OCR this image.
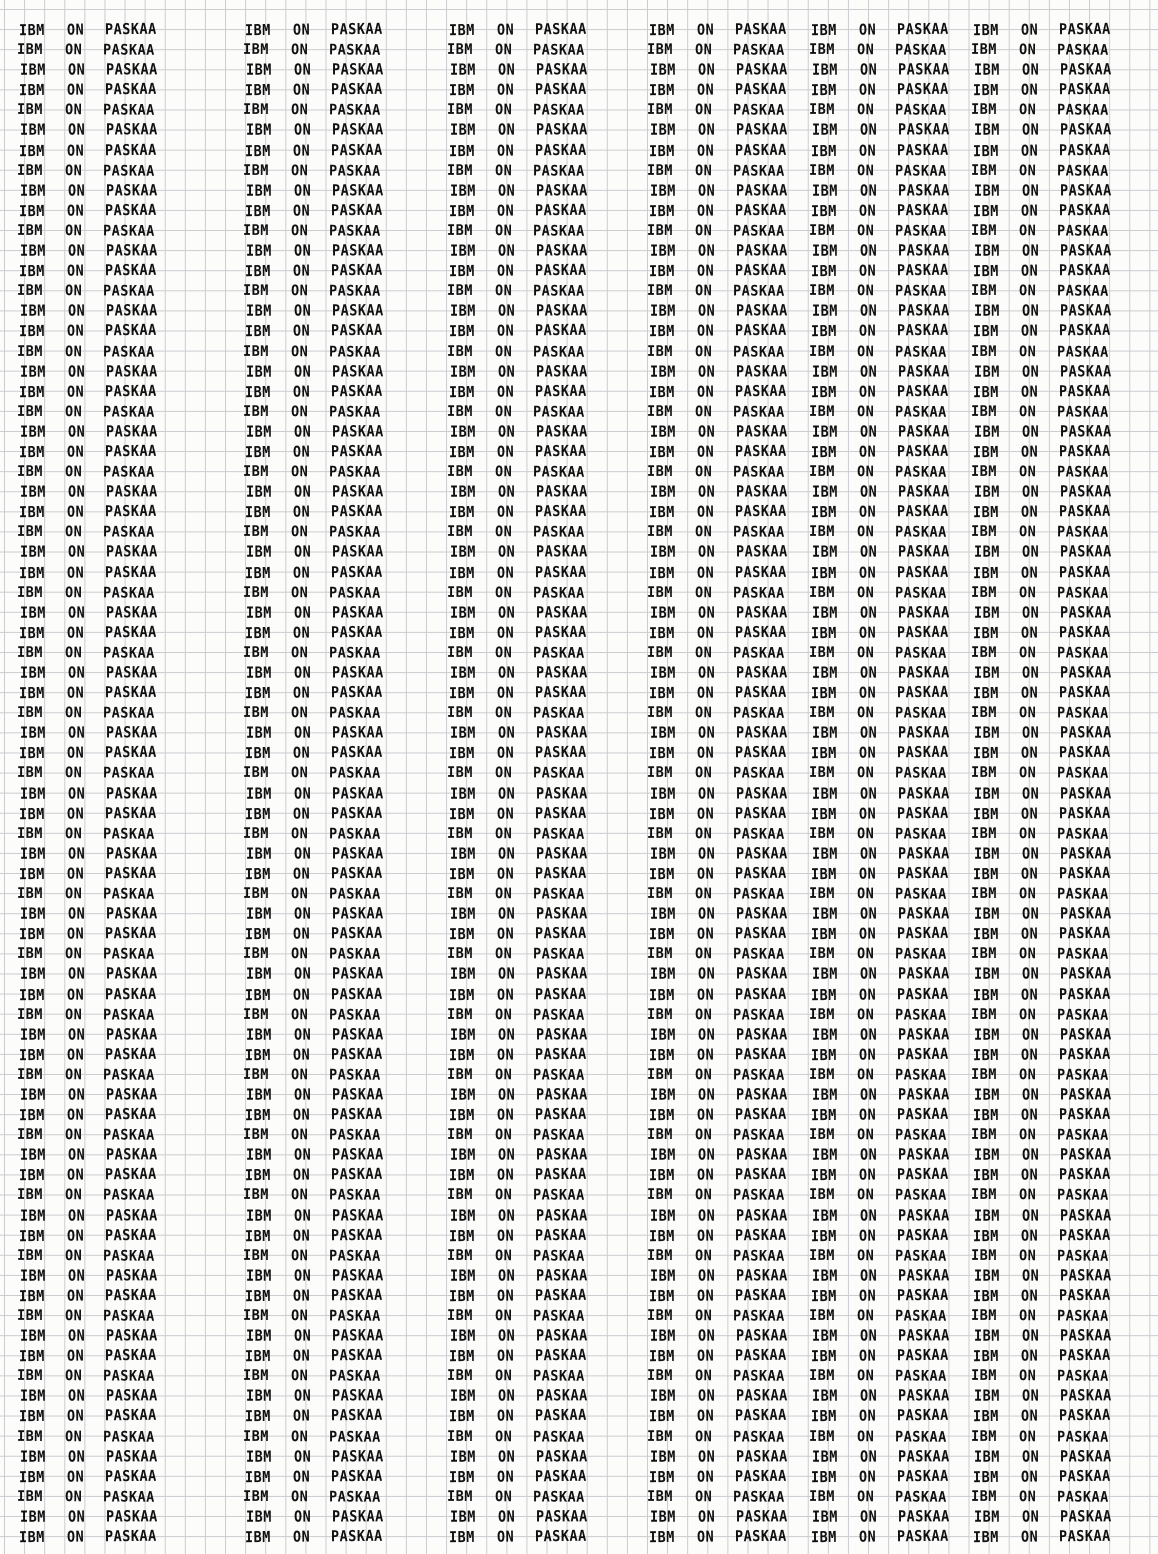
IBM ON PASKAA
IBM ON PASKAA
IBM ON PASKAA
IBM ON PASKAA
IBM ON PASKAA
IBM ON PASKAA
IBM ON PASKAA
IBM ON PASKAA
IBM ON PASKAA
IBM ON PASKAA
IBM ON PASKAA
IBM ON PASKAA
IBM ON PASKAA
IBM ON PASKAA
IBM ON PASKAA
IBM ON PASKAA
IBM ON PASKAA
IBM ON PASKAA
IBM ON PASKAA
IBM ON PASKAA
IBM ON PASKAA
IBM ON PASKAA
IBM ON PASKAA
IBM ON PASKAA
IBM ON PASKAA
IBM ON PASKAA
IBM ON PASKAA
IBM ON PASKAA
IBM ON PASKAA
IBM ON PASKAA
IBM ON PASKAA
IBM ON PASKAA
IBM ON PASKAA
IBM ON PASKAA
IBM ON PASKAA
IBM ON PASKAA
IBM ON PASKAA
IBM ON PASKAA
IBM ON PASKAA
IBM ON PASKAA
IBM ON PASKAA
IBM ON PASKAA
IBM ON PASKAA
IBM ON PASKAA
IBM ON PASKAA
IBM ON PASKAA
IBM ON PASKAA
IBM ON PASKAA
IBM ON PASKAA
IBM ON PASKAA
IBM ON PASKAA
IBM ON PASKAA
IBM ON PASKAA
IBM ON PASKAA
IBM ON PASKAA
IBM ON PASKAA
IBM ON PASKAA
IBM ON PASKAA
IBM ON PASKAA
IBM ON PASKAA
IBM ON PASKAA
IBM ON PASKAA
IBM ON PASKAA
IBM ON PASKAA
IBM ON PASKAA
IBM ON PASKAA
IBM ON PASKAA
IBM ON PASKAA
IBM ON PASKAA
IBM ON PASKAA
IBM ON PASKAA
IBM ON PASKAA
IBM ON PASKAA
IBM ON PASKAA
IBM ON PASKAA
IBM ON PASKAA
IBM ON PASKAA
IBM ON PASKAA
IBM ON PASKAA
IBM ON PASKAA
IBM ON PASKAA
IBM ON PASKAA
IBM ON PASKAA
IBM ON PASKAA
IBM ON PASKAA
IBM ON PASKAA
IBM ON PASKAA
IBM ON PASKAA
IBM ON PASKAA
IBM ON PASKAA
IBM ON PASKAA
IBM ON PASKAA
IBM ON PASKAA
IBM ON PASKAA
IBM ON PASKAA
IBM ON PASKAA
IBM ON PASKAA
IBM ON PASKAA
IBM ON PASKAA
IBM ON PASKAA
IBM ON PASKAA
IBM ON PASKAA
IBM ON PASKAA
IBM ON PASKAA
IBM ON PASKAA
IBM ON PASKAA
IBM ON PASKAA
IBM ON PASKAA
IBM ON PASKAA
IBM ON PASKAA
IBM ON PASKAA
IBM ON PASKAA
IBM ON PASKAA
IBM ON PASKAA
IBM ON PASKAA
IBM ON PASKAA
IBM ON PASKAA
IBM ON PASKAA
IBM ON PASKAA
IBM ON PASKAA
IBM ON PASKAA
IBM ON PASKAA
IBM ON PASKAA
IBM ON PASKAA
IBM ON PASKAA
IBM ON PASKAA
IBM ON PASKAA
IBM ON PASKAA
IBM ON PASKAA
IBM ON PASKAA
IBM ON PASKAA
IBM ON PASKAA
IBM ON PASKAA
IBM ON PASKAA
IBM ON PASKAA
IBM ON PASKAA
IBM ON PASKAA
IBM ON PASKAA
IBM ON PASKAA
IBM ON PASKAA
IBM ON PASKAA
IBM ON PASKAA
IBM ON PASKAA
IBM ON PASKAA
IBM ON PASKAA
IBM ON PASKAA
IBM ON PASKAA
IBM ON PASKAA
IBM ON PASKAA
IBM ON PASKAA
IBM ON PASKAA
IBM ON PASKAA
IBM ON PASKAA
IBM ON PASKAA
IBM ON PASKAA
IBM ON PASKAA
IBM ON PASKAA
IBM ON PASKAA
IBM ON PASKAA
IBM ON PASKAA
IBM ON PASKAA
IBM ON PASKAA
IBM ON PASKAA
IBM ON PASKAA
IBM ON PASKAA
IBM ON PASKAA
IBM ON PASKAA
IBM ON PASKAA
IBM ON PASKAA
IBM ON PASKAA
IBM ON PASKAA
IBM ON PASKAA
IBM ON PASKAA
IBM ON PASKAA
IBM ON PASKAA
IBM ON PASKAA
IBM ON PASKAA
IBM ON PASKAA
IBM ON PASKAA
IBM ON PASKAA
IBM ON PASKAA
IBM ON PASKAA
IBM ON PASKAA
IBM ON PASKAA
IBM ON PASKAA
IBM ON PASKAA
IBM ON PASKAA
IBM ON PASKAA
IBM ON PASKAA
IBM ON PASKAA
IBM ON PASKAA
IBM ON PASKAA
IBM ON PASKAA
IBM ON PASKAA
IBM ON PASKAA
IBM ON PASKAA
IBM ON PASKAA
IBM ON PASKAA
IBM ON PASKAA
IBM ON PASKAA
IBM ON PASKAA
IBM ON PASKAA
IBM ON PASKAA
IBM ON PASKAA
IBM ON PASKAA
IBM ON PASKAA
IBM ON PASKAA
IBM ON PASKAA
IBM ON PASKAA
IBM ON PASKAA
IBM ON PASKAA
IBM ON PASKAA
IBM ON PASKAA
IBM ON PASKAA
IBM ON PASKAA
IBM ON PASKAA
IBM ON PASKAA
IBM ON PASKAA
IBM ON PASKAA
IBM ON PASKAA
IBM ON PASKAA
IBM ON PASKAA
IBM ON PASKAA
IBM ON PASKAA
IBM ON PASKAA
IBM ON PASKAA
IBM ON PASKAA
IBM ON PASKAA
IBM ON PASKAA
IBM ON PASKAA
IBM ON PASKAA
IBM ON PASKAA
IBM ON PASKAA
IBM ON PASKAA
IBM ON PASKAA
IBM ON PASKAA
IBM ON PASKAA
IBM ON PASKAA
IBM ON PASKAA
IBM ON PASKAA
IBM ON PASKAA
IBM ON PASKAA
IBM ON PASKAA
IBM ON PASKAA
IBM ON PASKAA
IBM ON PASKAA
IBM ON PASKAA
IBM ON PASKAA
IBM ON PASKAA
IBM ON PASKAA
IBM ON PASKAA
IBM ON PASKAA
IBM ON PASKAA
IBM ON PASKAA
IBM ON PASKAA
IBM ON PASKAA
IBM ON PASKAA
IBM ON PASKAA
IBM ON PASKAA
IBM ON PASKAA
IBM ON PASKAA
IBM ON PASKAA
IBM ON PASKAA
IBM ON PASKAA
IBM ON PASKAA
IBM ON PASKAA
IBM ON PASKAA
IBM ON PASKAA
IBM ON PASKAA
IBM ON PASKAA
IBM ON PASKAA
IBM ON PASKAA
IBM ON PASKAA
IBM ON PASKAA
IBM ON PASKAA
IBM ON PASKAA
IBM ON PASKAA
IBM ON PASKAA
IBM ON PASKAA
IBM ON PASKAA
IBM ON PASKAA
IBM ON PASKAA
IBM ON PASKAA
IBM ON PASKAA
IBM ON PASKAA
IBM ON PASKAA
IBM ON PASKAA
IBM ON PASKAA
IBM ON PASKAA
IBM ON PASKAA
IBM ON PASKAA
IBM ON PASKAA
IBM ON PASKAA
IBM ON PASKAA
IBM ON PASKAA
IBM ON PASKAA
IBM ON PASKAA
IBM ON PASKAA
IBM ON PASKAA
IBM ON PASKAA
IBM ON PASKAA
IBM ON PASKAA
IBM ON PASKAA
IBM ON PASKAA
IBM ON PASKAA
IBM ON PASKAA
IBM ON PASKAA
IBM ON PASKAA
IBM ON PASKAA
IBM ON PASKAA
IBM ON PASKAA
IBM ON PASKAA
IBM ON PASKAA
IBM ON PASKAA
IBM ON PASKAA
IBM ON PASKAA
IBM ON PASKAA
IBM ON PASKAA
IBM ON PASKAA
IBM ON PASKAA
IBM ON PASKAA
IBM ON PASKAA
IBM ON PASKAA
IBM ON PASKAA
IBM ON PASKAA
IBM ON PASKAA
IBM ON PASKAA
IBM ON PASKAA
IBM ON PASKAA
IBM ON PASKAA
IBM ON PASKAA
IBM ON PASKAA
IBM ON PASKAA
IBM ON PASKAA
IBM ON PASKAA
IBM ON PASKAA
IBM ON PASKAA
IBM ON PASKAA
IBM ON PASKAA
IBM ON PASKAA
IBM ON PASKAA
IBM ON PASKAA
IBM ON PASKAA
IBM ON PASKAA
IBM ON PASKAA
IBM ON PASKAA
IBM ON PASKAA
IBM ON PASKAA
IBM ON PASKAA
IBM ON PASKAA
IBM ON PASKAA
IBM ON PASKAA
IBM ON PASKAA
IBM ON PASKAA
IBM ON PASKAA
IBM ON PASKAA
IBM ON PASKAA
IBM ON PASKAA
IBM ON PASKAA
IBM ON PASKAA
IBM ON PASKAA
IBM ON PASKAA
IBM ON PASKAA
IBM ON PASKAA
IBM ON PASKAA
IBM ON PASKAA
IBM ON PASKAA
IBM ON PASKAA
IBM ON PASKAA
IBM ON PASKAA
IBM ON PASKAA
IBM ON PASKAA
IBM ON PASKAA
IBM ON PASKAA
IBM ON PASKAA
IBM ON PASKAA
IBM ON PASKAA
IBM ON PASKAA
IBM ON PASKAA
IBM ON PASKAA
IBM ON PASKAA
IBM ON PASKAA
IBM ON PASKAA
IBM ON PASKAA
IBM ON PASKAA
IBM ON PASKAA
IBM ON PASKAA
IBM ON PASKAA
IBM ON PASKAA
IBM ON PASKAA
IBM ON PASKAA
IBM ON PASKAA
IBM ON PASKAA
IBM ON PASKAA
IBM ON PASKAA
IBM ON PASKAA
IBM ON PASKAA
IBM ON PASKAA
IBM ON PASKAA
IBM ON PASKAA
IBM ON PASKAA
IBM ON PASKAA
IBM ON PASKAA
IBM ON PASKAA
IBM ON PASKAA
IBM ON PASKAA
IBM ON PASKAA
IBM ON PASKAA
IBM ON PASKAA
IBM ON PASKAA
IBM ON PASKAA
IBM ON PASKAA
IBM ON PASKAA
IBM ON PASKAA
IBM ON PASKAA
IBM ON PASKAA
IBM ON PASKAA
IBM ON PASKAA
IBM ON PASKAA
IBM ON PASKAA
IBM ON PASKAA
IBM ON PASKAA
IBM ON PASKAA
IBM ON PASKAA
IBM ON PASKAA
IBM ON PASKAA
IBM ON PASKAA
IBM ON PASKAA
IBM ON PASKAA
IBM ON PASKAA
IBM ON PASKAA
IBM ON PASKAA
IBM ON PASKAA
IBM ON PASKAA
IBM ON PASKAA
IBM ON PASKAA
IBM ON PASKAA
IBM ON PASKAA
IBM ON PASKAA
IBM ON PASKAA
IBM ON PASKAA
IBM ON PASKAA
IBM ON PASKAA
IBM ON PASKAA
IBM ON PASKAA
IBM ON PASKAA
IBM ON PASKAA
IBM ON PASKAA
IBM ON PASKAA
IBM ON PASKAA
IBM ON PASKAA
IBM ON PASKAA
IBM ON PASKAA
IBM ON PASKAA
IBM ON PASKAA
IBM ON PASKAA
